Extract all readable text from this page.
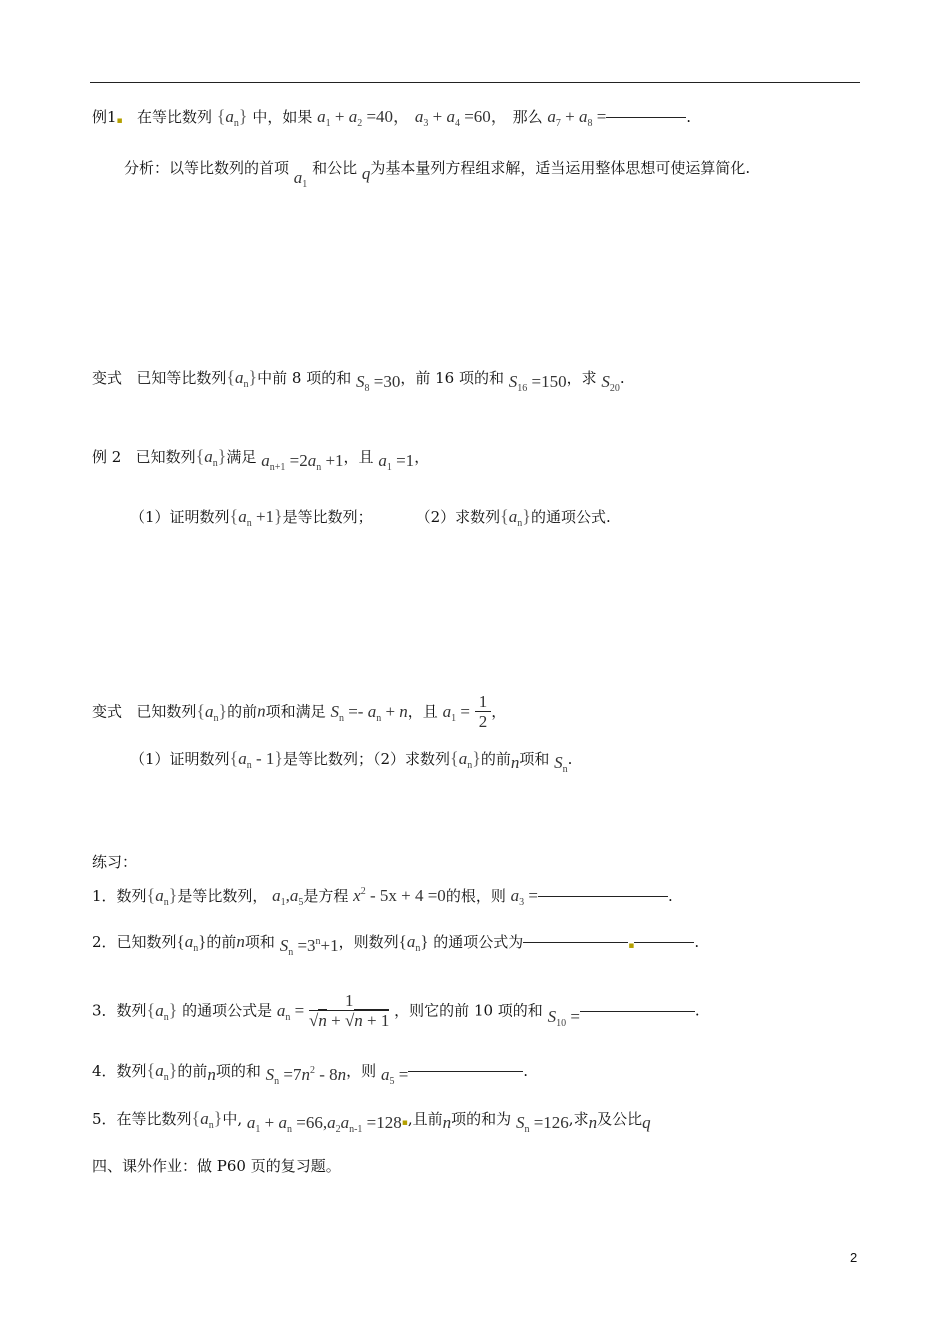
例1▪ 在等比数列 $\{a_n\}$ 中，如果 $a_1 + a_2 =40$， $a_3 + a_4 =60$， 那么 $a_7 + a_8$ =	.
分析：以等比数列的首项 $a_1$ 和公比 q为基本量列方程组求解，适当运用整体思想可使运算简化.
变式 已知等比数列$\{a_n\}$中前 8 项的和 $S_8 =30$，前 16 项的和 $S_{16} =150$，求 $S_{20}$.
例 2 已知数列$\{a_n\}$满足 $a_{n+1} =2a_n +1$，且 $a_1 =1$，
（1）证明数列$\{a_n +1\}$是等比数列；	（2）求数列$\{a_n\}$的通项公式.
变式 已知数列$\{a_n\}$的前n项和满足 $S_n =- a_n + n$，且 $a_1 = \frac{1}{2}$ ，
（1）证明数列$\{a_n - 1\}$是等比数列；（2）求数列$\{a_n\}$的前n项和 $S_n$.
练习：
1．数列$\{a_n\}$是等比数列， $a_1,a_5$是方程 $x^2 - 5x + 4 =0$的根，则 $a_3$ =	.
2．已知数列$\{a_n\}$的前n项和 $S_n =3^n+1$，则数列$\{a_n\}$ 的通项公式为	▪	.
3．数列$\{a_n\}$ 的通项公式是 $a_n = \frac{1}{√n + √n + 1}$ ，则它的前 10 项的和 $S_{10}$ =	.
4．数列$\{a_n\}$的前n项的和 $S_n =7n^2 - 8n$，则 $a_5$ =	.
5．在等比数列$\{a_n\}$中, $a_1 + a_n =66,a_2a_{n-1}$ =128▪,且前n项的和为 $S_n =126$,求n及公比q
四、课外作业：做 P60 页的复习题。
2
